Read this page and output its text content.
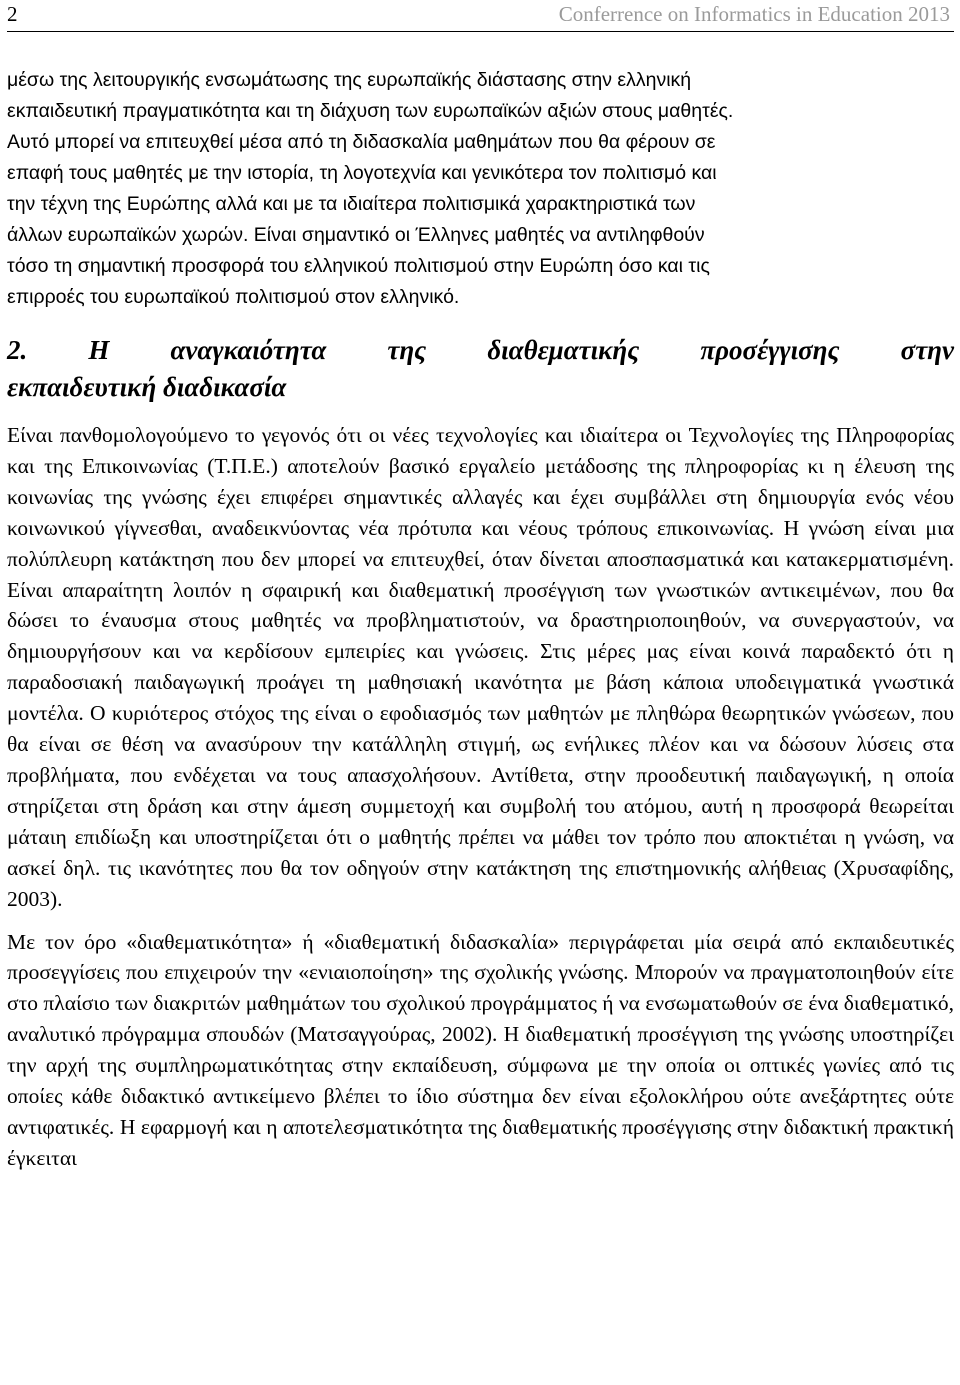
2	Conferrence on Informatics in Education 2013
μέσω της λειτουργικής ενσωμάτωσης της ευρωπαϊκής διάστασης στην ελληνική
εκπαιδευτική πραγματικότητα και τη διάχυση των ευρωπαϊκών αξιών στους μαθητές.
Αυτό μπορεί να επιτευχθεί μέσα από τη διδασκαλία μαθημάτων που θα φέρουν σε
επαφή τους μαθητές με την ιστορία, τη λογοτεχνία και γενικότερα τον πολιτισμό και
την τέχνη της Ευρώπης αλλά και με τα ιδιαίτερα πολιτισμικά χαρακτηριστικά των
άλλων ευρωπαϊκών χωρών. Είναι σημαντικό οι Έλληνες μαθητές να αντιληφθούν
τόσο τη σημαντική προσφορά του ελληνικού πολιτισμού στην Ευρώπη όσο και τις
επιρροές του ευρωπαϊκού πολιτισμού στον ελληνικό.
2. Η αναγκαιότητα της διαθεματικής προσέγγισης στην
εκπαιδευτική διαδικασία

Είναι πανθομολογούμενο το γεγονός ότι οι νέες τεχνολογίες και ιδιαίτερα οι Τεχνολογίες της Πληροφορίας και της Επικοινωνίας (Τ.Π.Ε.) αποτελούν βασικό εργαλείο μετάδοσης της πληροφορίας κι η έλευση της κοινωνίας της γνώσης έχει επιφέρει σημαντικές αλλαγές και έχει συμβάλλει στη δημιουργία ενός νέου κοινωνικού γίγνεσθαι, αναδεικνύοντας νέα πρότυπα και νέους τρόπους επικοινωνίας. Η γνώση είναι μια πολύπλευρη κατάκτηση που δεν μπορεί να επιτευχθεί, όταν δίνεται αποσπασματικά και κατακερματισμένη. Είναι απαραίτητη λοιπόν η σφαιρική και διαθεματική προσέγγιση των γνωστικών αντικειμένων, που θα δώσει το έναυσμα στους μαθητές να προβληματιστούν, να δραστηριοποιηθούν, να συνεργαστούν, να δημιουργήσουν και να κερδίσουν εμπειρίες και γνώσεις. Στις μέρες μας είναι κοινά παραδεκτό ότι η παραδοσιακή παιδαγωγική προάγει τη μαθησιακή ικανότητα με βάση κάποια υποδειγματικά γνωστικά μοντέλα. Ο κυριότερος στόχος της είναι ο εφοδιασμός των μαθητών με πληθώρα θεωρητικών γνώσεων, που θα είναι σε θέση να ανασύρουν την κατάλληλη στιγμή, ως ενήλικες πλέον και να δώσουν λύσεις στα προβλήματα, που ενδέχεται να τους απασχολήσουν. Αντίθετα, στην προοδευτική παιδαγωγική, η οποία στηρίζεται στη δράση και στην άμεση συμμετοχή και συμβολή του ατόμου, αυτή η προσφορά θεωρείται μάταιη επιδίωξη και υποστηρίζεται ότι ο μαθητής πρέπει να μάθει τον τρόπο που αποκτιέται η γνώση, να ασκεί δηλ. τις ικανότητες που θα τον οδηγούν στην κατάκτηση της επιστημονικής αλήθειας (Χρυσαφίδης, 2003).

Με τον όρο «διαθεματικότητα» ή «διαθεματική διδασκαλία» περιγράφεται μία σειρά από εκπαιδευτικές προσεγγίσεις που επιχειρούν την «ενιαιοποίηση» της σχολικής γνώσης. Μπορούν να πραγματοποιηθούν είτε στο πλαίσιο των διακριτών μαθημάτων του σχολικού προγράμματος ή να ενσωματωθούν σε ένα διαθεματικό, αναλυτικό πρόγραμμα σπουδών (Ματσαγγούρας, 2002). Η διαθεματική προσέγγιση της γνώσης υποστηρίζει την αρχή της συμπληρωματικότητας στην εκπαίδευση, σύμφωνα με την οποία οι οπτικές γωνίες από τις οποίες κάθε διδακτικό αντικείμενο βλέπει το ίδιο σύστημα δεν είναι εξολοκλήρου ούτε ανεξάρτητες ούτε αντιφατικές. Η εφαρμογή και η αποτελεσματικότητα της διαθεματικής προσέγγισης στην διδακτική πρακτική έγκειται
